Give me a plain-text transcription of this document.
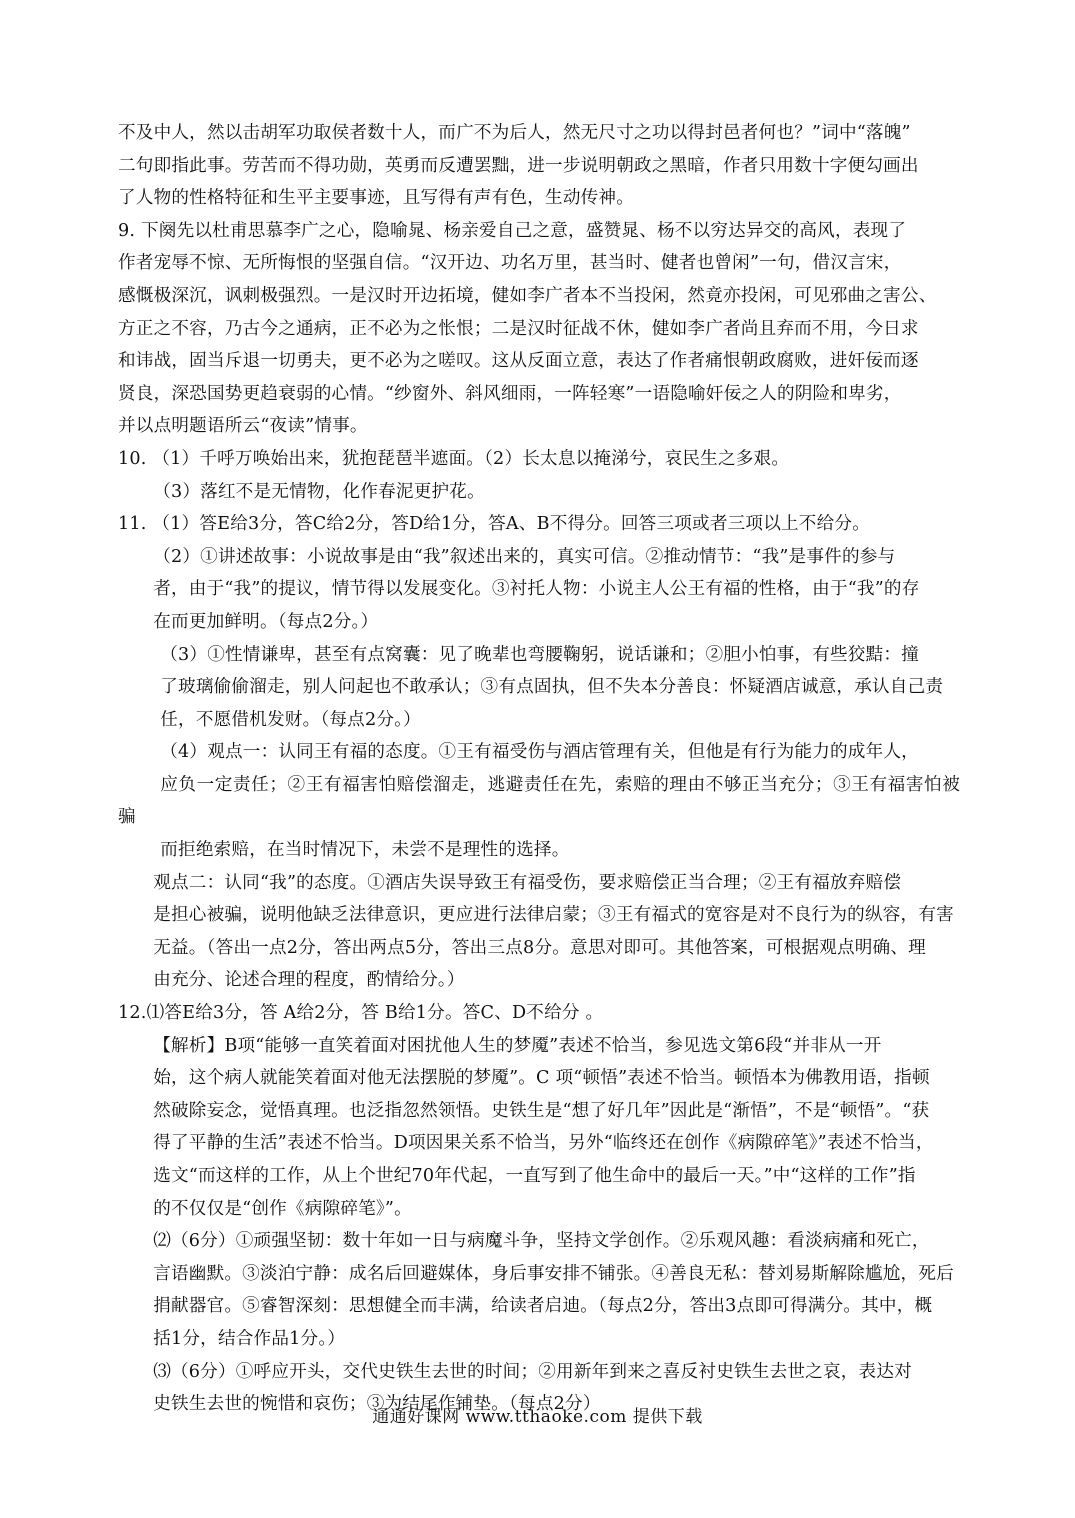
不及中人，然以击胡军功取侯者数十人，而广不为后人，然无尺寸之功以得封邑者何也？”词中“落魄”
二句即指此事。劳苦而不得功勋，英勇而反遭罢黜，进一步说明朝政之黑暗，作者只用数十字便勾画出
了人物的性格特征和生平主要事迹，且写得有声有色，生动传神。
9. 下阕先以杜甫思慕李广之心，隐喻晁、杨亲爱自己之意，盛赞晁、杨不以穷达异交的高风，表现了
作者宠辱不惊、无所悔恨的坚强自信。“汉开边、功名万里，甚当时、健者也曾闲”一句，借汉言宋，
感慨极深沉，讽刺极强烈。一是汉时开边拓境，健如李广者本不当投闲，然竟亦投闲，可见邪曲之害公、
方正之不容，乃古今之通病，正不必为之怅恨；二是汉时征战不休，健如李广者尚且弃而不用，今日求
和讳战，固当斥退一切勇夫，更不必为之嗟叹。这从反面立意，表达了作者痛恨朝政腐败，进奸佞而逐
贤良，深恐国势更趋衰弱的心情。“纱窗外、斜风细雨，一阵轻寒”一语隐喻奸佞之人的阴险和卑劣，
并以点明题语所云“夜读”情事。
10. （1）千呼万唤始出来，犹抱琵琶半遮面。（2）长太息以掩涕兮，哀民生之多艰。
（3）落红不是无情物，化作春泥更护花。
11. （1）答E给3分，答C给2分，答D给1分，答A、B不得分。回答三项或者三项以上不给分。
（2）①讲述故事：小说故事是由“我”叙述出来的，真实可信。②推动情节：“我”是事件的参与
者，由于“我”的提议，情节得以发展变化。③衬托人物：小说主人公王有福的性格，由于“我”的存
在而更加鲜明。（每点2分。）
（3）①性情谦卑，甚至有点窝囊：见了晚辈也弯腰鞠躬，说话谦和；②胆小怕事，有些狡黠：撞
了玻璃偷偷溜走，别人问起也不敢承认；③有点固执，但不失本分善良：怀疑酒店诚意，承认自己责
任，不愿借机发财。（每点2分。）
（4）观点一：认同王有福的态度。①王有福受伤与酒店管理有关，但他是有行为能力的成年人，
应负一定责任；②王有福害怕赔偿溜走，逃避责任在先，索赔的理由不够正当充分；③王有福害怕被骗
而拒绝索赔，在当时情况下，未尝不是理性的选择。
观点二：认同“我”的态度。①酒店失误导致王有福受伤，要求赔偿正当合理；②王有福放弃赔偿
是担心被骗，说明他缺乏法律意识，更应进行法律启蒙；③王有福式的宽容是对不良行为的纵容，有害
无益。（答出一点2分，答出两点5分，答出三点8分。意思对即可。其他答案，可根据观点明确、理
由充分、论述合理的程度，酌情给分。）
12.⑴答E给3分，答 A给2分，答 B给1分。答C、D不给分 。
【解析】B项“能够一直笑着面对困扰他人生的梦魇”表述不恰当，参见选文第6段“并非从一开
始，这个病人就能笑着面对他无法摆脱的梦魇”。C 项“顿悟”表述不恰当。顿悟本为佛教用语，指顿
然破除妄念，觉悟真理。也泛指忽然领悟。史铁生是“想了好几年”因此是“渐悟”，不是“顿悟”。“获
得了平静的生活”表述不恰当。D项因果关系不恰当，另外“临终还在创作《病隙碎笔》”表述不恰当，
选文“而这样的工作，从上个世纪70年代起，一直写到了他生命中的最后一天。”中“这样的工作”指
的不仅仅是“创作《病隙碎笔》”。
⑵（6分）①顽强坚韧：数十年如一日与病魔斗争，坚持文学创作。②乐观风趣：看淡病痛和死亡，
言语幽默。③淡泊宁静：成名后回避媒体，身后事安排不铺张。④善良无私：替刘易斯解除尴尬，死后
捐献器官。⑤睿智深刻：思想健全而丰满，给读者启迪。（每点2分，答出3点即可得满分。其中，概
括1分，结合作品1分。）
⑶（6分）①呼应开头，交代史铁生去世的时间；②用新年到来之喜反衬史铁生去世之哀，表达对
史铁生去世的惋惜和哀伤；③为结尾作铺垫。（每点2分）
通通好课网 www.tthaoke.com 提供下载
